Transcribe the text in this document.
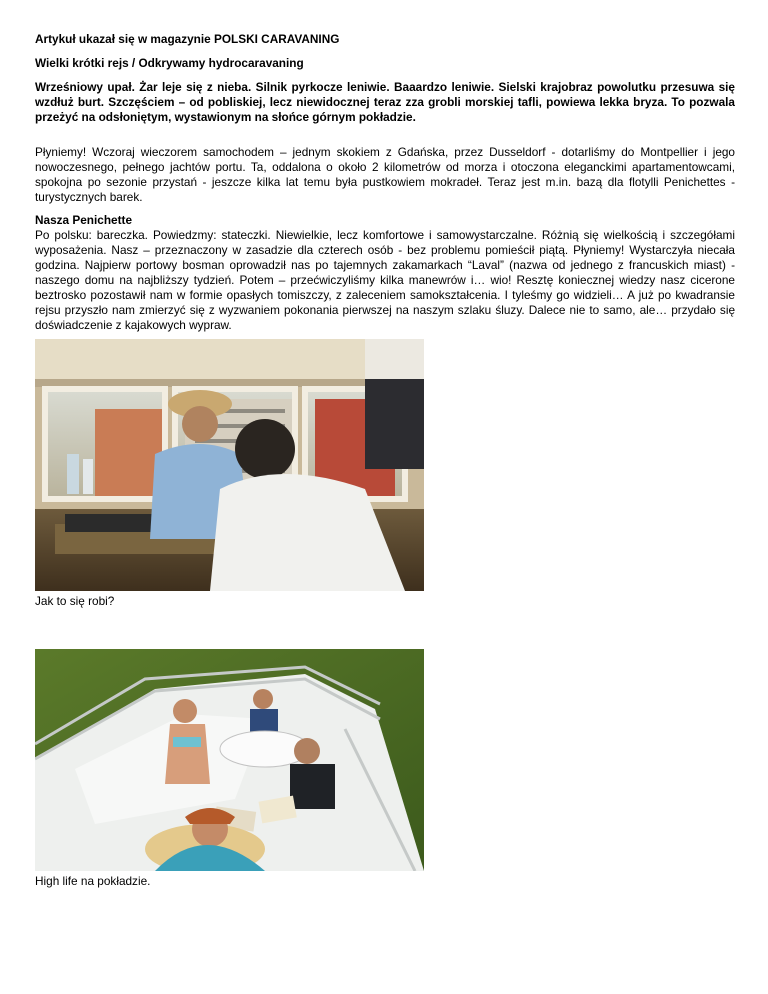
Artykuł ukazał się w magazynie POLSKI CARAVANING

Wielki krótki rejs / Odkrywamy hydrocaravaning

Wrześniowy upał. Żar leje się z nieba. Silnik pyrkocze leniwie. Baaardzo leniwie. Sielski krajobraz powolutku przesuwa się wzdłuż burt. Szczęściem – od pobliskiej, lecz niewidocznej teraz zza grobli morskiej tafli, powiewa lekka bryza. To pozwala przeżyć na odsłoniętym, wystawionym na słońce górnym pokładzie.

Płyniemy! Wczoraj wieczorem samochodem – jednym skokiem z Gdańska, przez Dusseldorf - dotarliśmy do Montpellier i jego nowoczesnego, pełnego jachtów portu. Ta, oddalona o około 2 kilometrów od morza i otoczona eleganckimi apartamentowcami, spokojna po sezonie przystań - jeszcze kilka lat temu była pustkowiem mokradeł. Teraz jest m.in. bazą dla flotylli Penichettes - turystycznych barek.

Nasza Penichette

Po polsku: bareczka. Powiedzmy: stateczki. Niewielkie, lecz komfortowe i samowystarczalne. Różnią się wielkością i szczegółami wyposażenia. Nasz – przeznaczony w zasadzie dla czterech osób - bez problemu pomieścił piątą. Płyniemy! Wystarczyła niecała godzina. Najpierw portowy bosman oprowadził nas po tajemnych zakamarkach “Laval” (nazwa od jednego z francuskich miast) - naszego domu na najbliższy tydzień. Potem – przećwiczyliśmy kilka manewrów i… wio! Resztę koniecznej wiedzy nasz cicerone beztrosko pozostawił nam w formie opasłych tomiszczy, z zaleceniem samokształcenia. I tyleśmy go widzieli… A już po kwadransie rejsu przyszło nam zmierzyć się z wyzwaniem pokonania pierwszej na naszym szlaku śluzy. Dalece nie to samo, ale… przydało się doświadczenie z kajakowych wypraw.

Jak to się robi?

High life na pokładzie.
